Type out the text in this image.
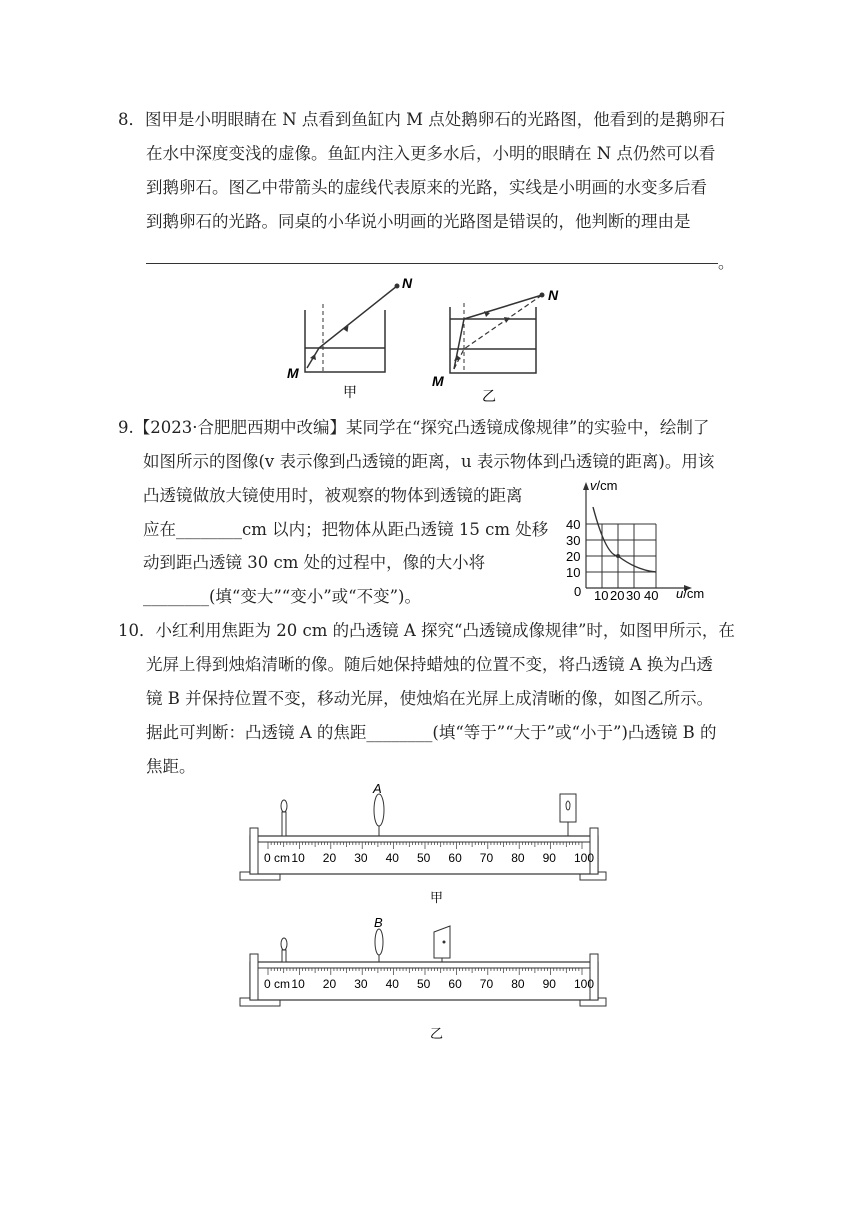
8．图甲是小明眼睛在 N 点看到鱼缸内 M 点处鹅卵石的光路图，他看到的是鹅卵石
在水中深度变浅的虚像。鱼缸内注入更多水后，小明的眼睛在 N 点仍然可以看
到鹅卵石。图乙中带箭头的虚线代表原来的光路，实线是小明画的水变多后看
到鹅卵石的光路。同桌的小华说小明画的光路图是错误的，他判断的理由是
。
N
M
甲
N
M
乙
9.【2023·合肥肥西期中改编】某同学在“探究凸透镜成像规律”的实验中，绘制了
如图所示的图像(v 表示像到凸透镜的距离，u 表示物体到凸透镜的距离)。用该
凸透镜做放大镜使用时，被观察的物体到透镜的距离
应在________cm 以内；把物体从距凸透镜 15 cm 处移
动到距凸透镜 30 cm 处的过程中，像的大小将
________(填“变大”“变小”或“不变”)。
v/cm
u/cm
0
10
20
30
40
10 20 30 40
10．小红利用焦距为 20 cm 的凸透镜 A 探究“凸透镜成像规律”时，如图甲所示，在
光屏上得到烛焰清晰的像。随后她保持蜡烛的位置不变，将凸透镜 A 换为凸透
镜 B 并保持位置不变，移动光屏，使烛焰在光屏上成清晰的像，如图乙所示。
据此可判断：凸透镜 A 的焦距________(填“等于”“大于”或“小于”)凸透镜 B 的
焦距。
0 cm 10 20 30 40 50 60 70 80 90 100
A
甲
0 cm 10 20 30 40 50 60 70 80 90 100
B
乙
